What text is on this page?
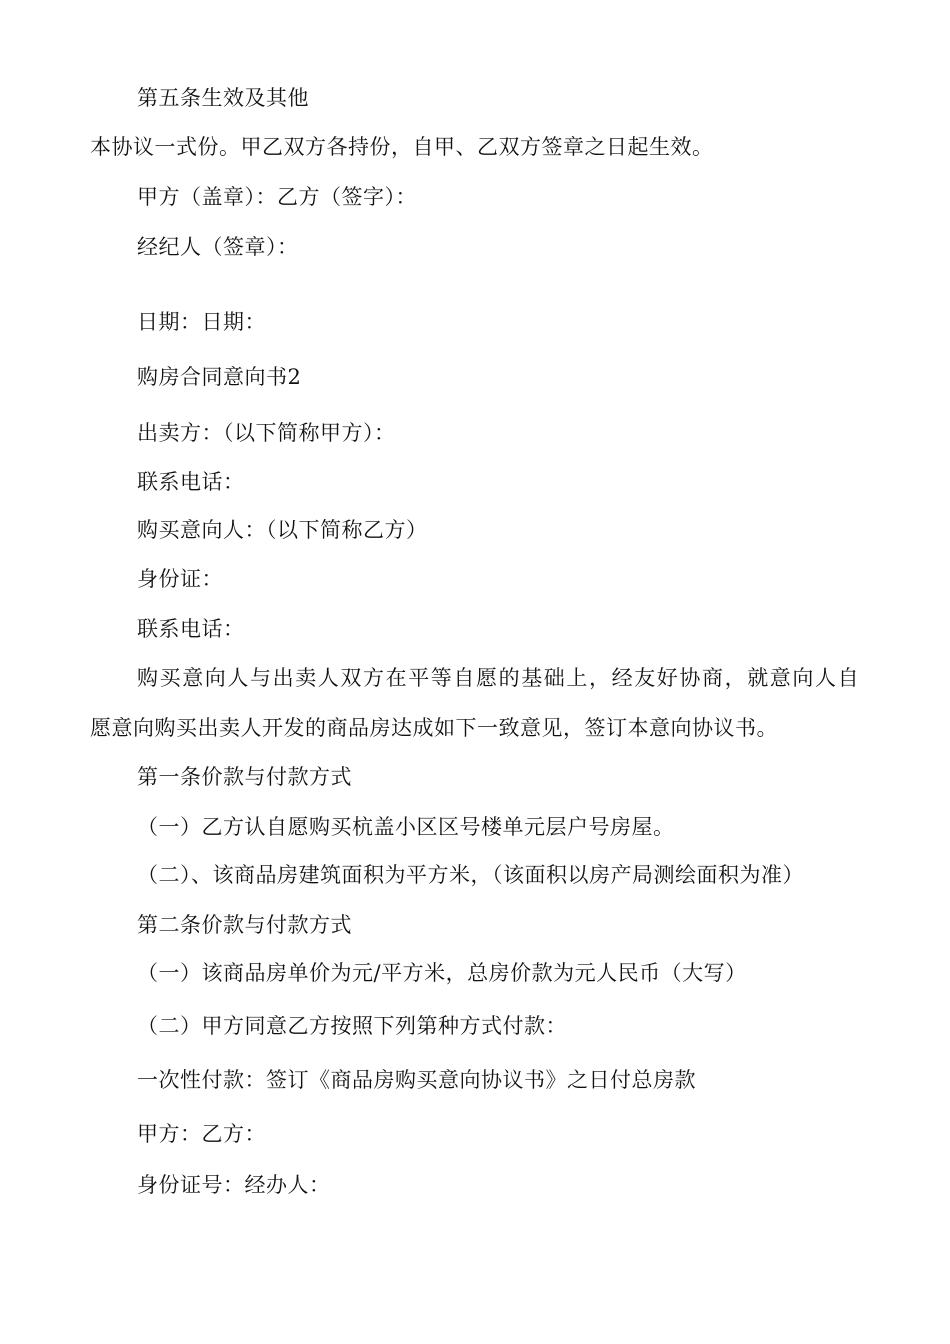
第五条生效及其他
本协议一式份。甲乙双方各持份，自甲、乙双方签章之日起生效。
甲方（盖章）：乙方（签字）：
经纪人（签章）：
日期：日期：
购房合同意向书2
出卖方：（以下简称甲方）：
联系电话：
购买意向人：（以下简称乙方）
身份证：
联系电话：
购买意向人与出卖人双方在平等自愿的基础上，经友好协商，就意向人自
愿意向购买出卖人开发的商品房达成如下一致意见，签订本意向协议书。
第一条价款与付款方式
（一）乙方认自愿购买杭盖小区区号楼单元层户号房屋。
（二）、该商品房建筑面积为平方米，（该面积以房产局测绘面积为准）
第二条价款与付款方式
（一）该商品房单价为元/平方米，总房价款为元人民币（大写）
（二）甲方同意乙方按照下列第种方式付款：
一次性付款：签订《商品房购买意向协议书》之日付总房款
甲方：乙方：
身份证号：经办人：
